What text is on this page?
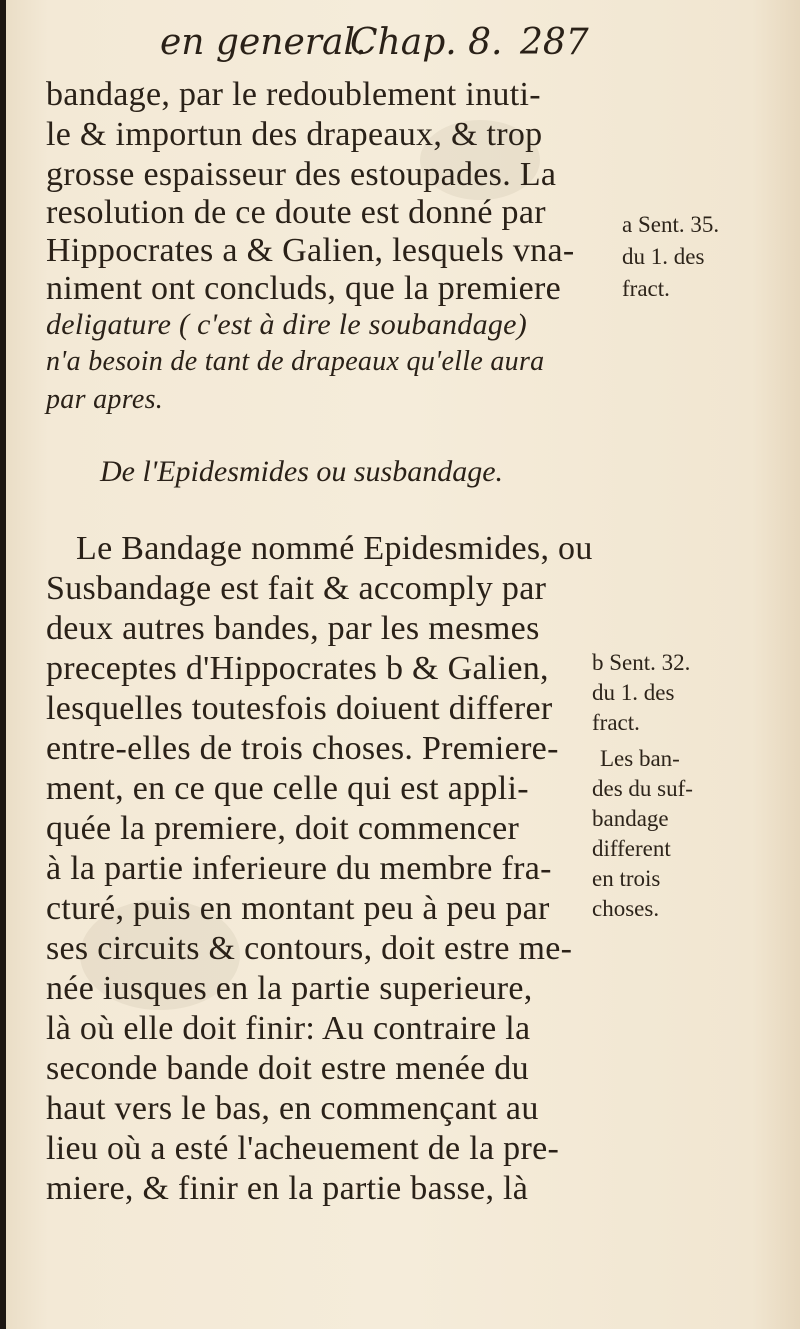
en general.
Chap. 8. 287
bandage, par le redoublement inuti-
le & importun des drapeaux, & trop
grosse espaisseur des estoupades. La
resolution de ce doute est donné par
Hippocrates a & Galien, lesquels vna-
niment ont concluds, que la premiere
deligature ( c'est à dire le soubandage)
n'a besoin de tant de drapeaux qu'elle aura
par apres.
De l'Epidesmides ou susbandage.
Le Bandage nommé Epidesmides, ou
Susbandage est fait & accomply par
deux autres bandes, par les mesmes
preceptes d'Hippocrates b & Galien,
lesquelles toutesfois doiuent differer
entre-elles de trois choses. Premiere-
ment, en ce que celle qui est appli-
quée la premiere, doit commencer
à la partie inferieure du membre fra-
cturé, puis en montant peu à peu par
ses circuits & contours, doit estre me-
née iusques en la partie superieure,
là où elle doit finir: Au contraire la
seconde bande doit estre menée du
haut vers le bas, en commençant au
lieu où a esté l'acheuement de la pre-
miere, & finir en la partie basse, là
a Sent. 35.
du 1. des
fract.
b Sent. 32.
du 1. des
fract.
Les ban-
des du suf-
bandage
different
en trois
choses.
